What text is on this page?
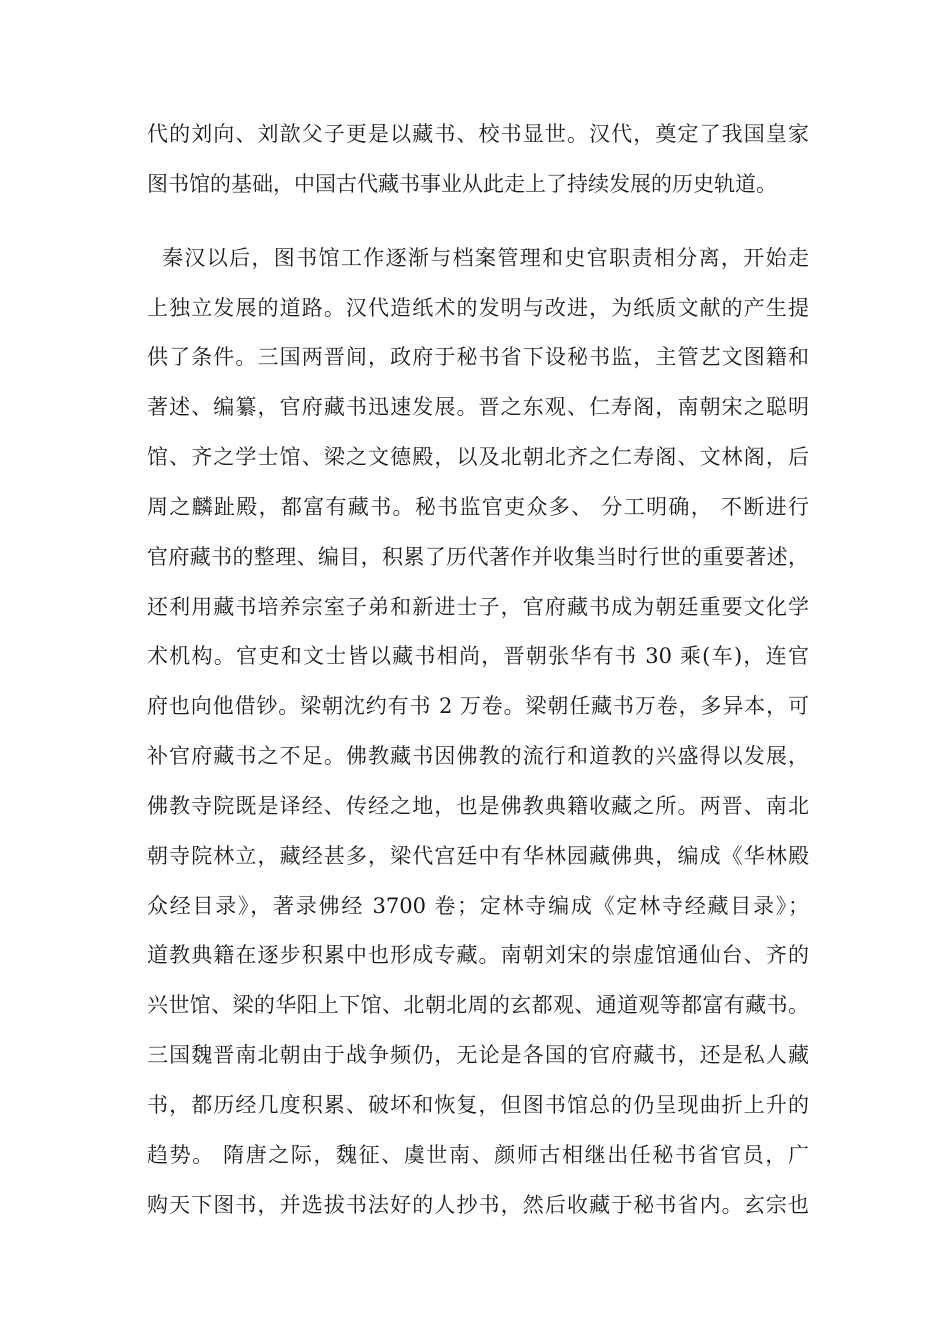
代的刘向、刘歆父子更是以藏书、校书显世。汉代，奠定了我国皇家
图书馆的基础，中国古代藏书事业从此走上了持续发展的历史轨道。
秦汉以后，图书馆工作逐渐与档案管理和史官职责相分离，开始走
上独立发展的道路。汉代造纸术的发明与改进，为纸质文献的产生提
供了条件。三国两晋间，政府于秘书省下设秘书监，主管艺文图籍和
著述、编纂，官府藏书迅速发展。晋之东观、仁寿阁，南朝宋之聪明
馆、齐之学士馆、梁之文德殿，以及北朝北齐之仁寿阁、文林阁，后
周之麟趾殿，都富有藏书。秘书监官吏众多、 分工明确， 不断进行
官府藏书的整理、编目，积累了历代著作并收集当时行世的重要著述，
还利用藏书培养宗室子弟和新进士子，官府藏书成为朝廷重要文化学
术机构。官吏和文士皆以藏书相尚，晋朝张华有书 30 乘(车)，连官
府也向他借钞。梁朝沈约有书 2 万卷。梁朝任藏书万卷，多异本，可
补官府藏书之不足。佛教藏书因佛教的流行和道教的兴盛得以发展，
佛教寺院既是译经、传经之地，也是佛教典籍收藏之所。两晋、南北
朝寺院林立，藏经甚多，梁代宫廷中有华林园藏佛典，编成《华林殿
众经目录》，著录佛经 3700 卷；定林寺编成《定林寺经藏目录》；
道教典籍在逐步积累中也形成专藏。南朝刘宋的崇虚馆通仙台、齐的
兴世馆、梁的华阳上下馆、北朝北周的玄都观、通道观等都富有藏书。
三国魏晋南北朝由于战争频仍，无论是各国的官府藏书，还是私人藏
书，都历经几度积累、破坏和恢复，但图书馆总的仍呈现曲折上升的
趋势。 隋唐之际，魏征、虞世南、颜师古相继出任秘书省官员，广
购天下图书，并选拔书法好的人抄书，然后收藏于秘书省内。玄宗也
